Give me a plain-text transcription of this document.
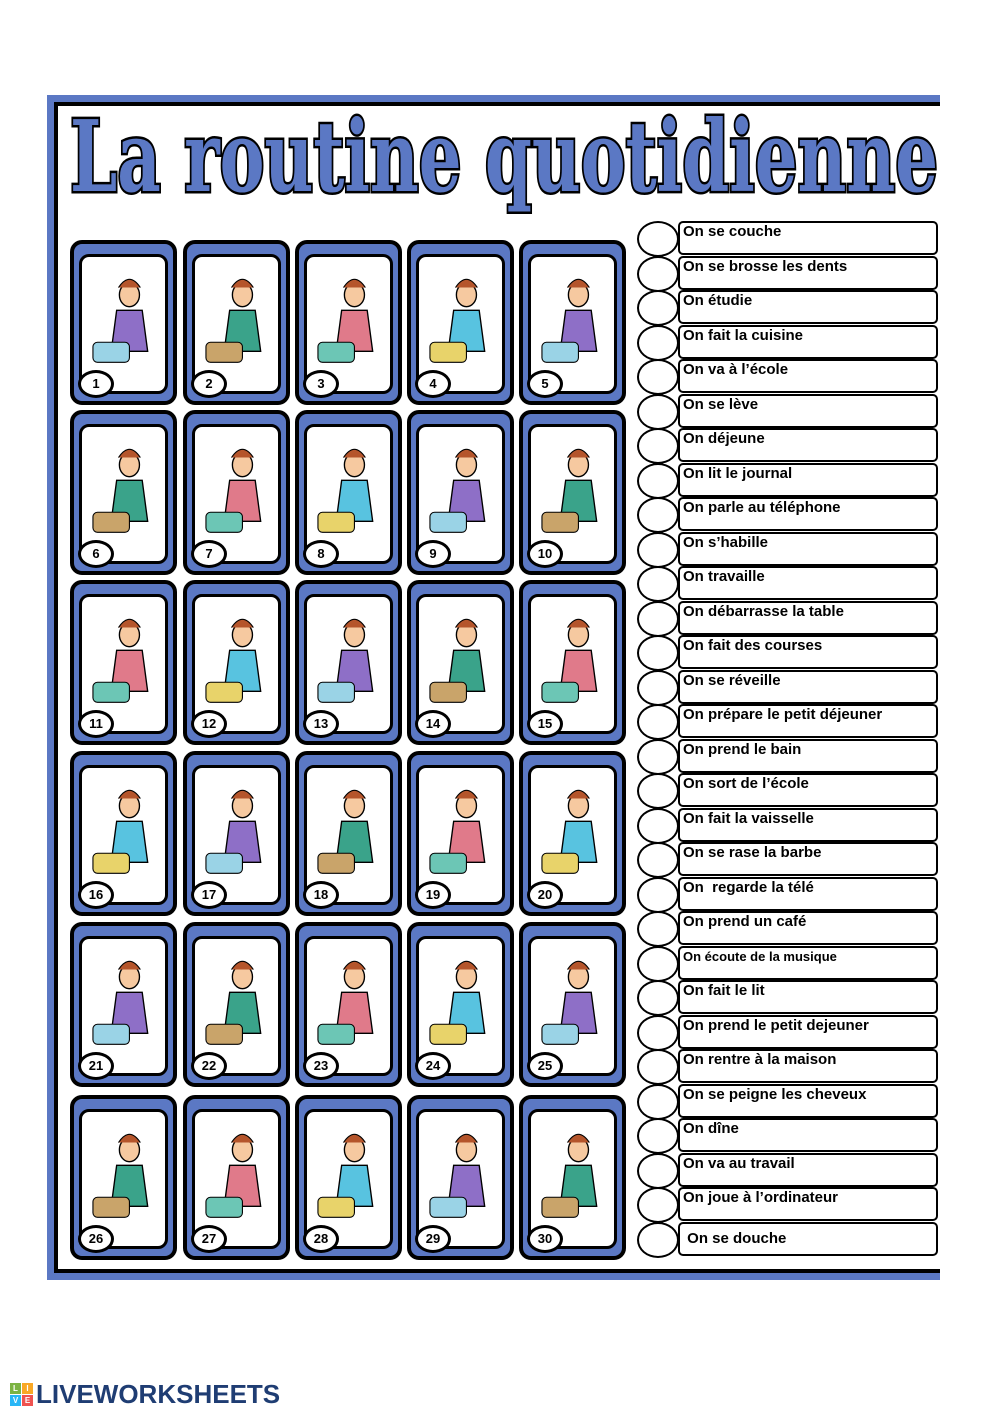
La routine quotidienne
1	2	3	4	5
6	7	8	9	10
11	12	13	14	15
16	17	18	19	20
21	22	23	24	25
26	27	28	29	30
On se couche
On se brosse les dents
On étudie
On fait la cuisine
On va à l’école
On se lève
On déjeune
On lit le journal
On parle au téléphone
On s’habille
On travaille
On débarrasse la table
On fait des courses
On se réveille
On prépare le petit déjeuner
On prend le bain
On sort de l’école
On fait la vaisselle
On se rase la barbe
On  regarde la télé
On prend un café
On écoute de la musique
On fait le lit
On prend le petit dejeuner
On rentre à la maison
On se peigne les cheveux
On dîne
On va au travail
On joue à l’ordinateur
On se douche
L	I
V E LIVEWORKSHEETS
